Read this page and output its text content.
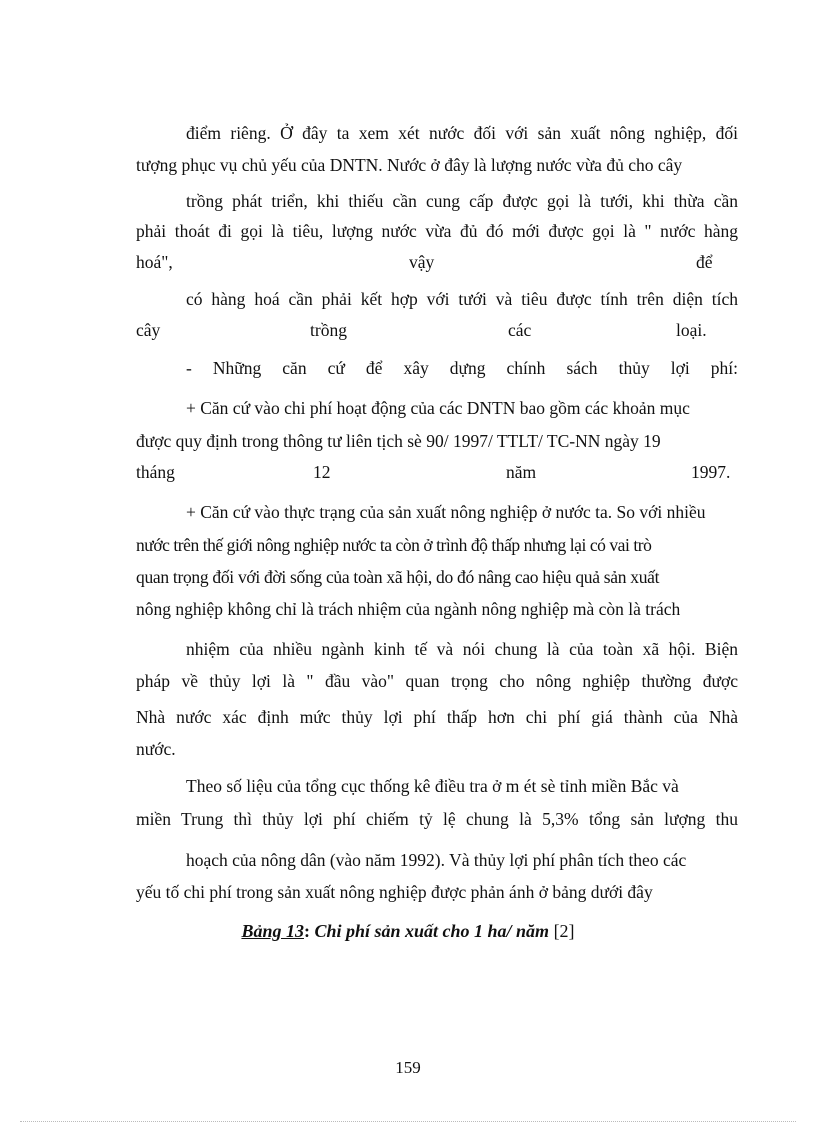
điểm riêng. Ở đây ta xem xét nước đối với sản xuất nông nghiệp, đối
tượng phục vụ chủ yếu của DNTN. Nước ở đây là lượng nước vừa đủ cho cây
trồng phát triển, khi thiếu cần cung cấp được gọi là tưới, khi thừa cần
phải thoát đi gọi là tiêu, lượng nước vừa đủ đó mới được gọi là " nước hàng
hoá",	vậy	để
có hàng hoá cần phải kết hợp với tưới và tiêu được tính trên diện tích
cây	trồng	các	loại.
- Những căn cứ để xây dựng chính sách thủy lợi phí:
+ Căn cứ vào chi phí hoạt động của các DNTN bao gồm các khoản mục
được quy định trong thông tư liên tịch sè 90/ 1997/ TTLT/ TC-NN ngày 19
tháng	12	năm	1997.
+ Căn cứ vào thực trạng của sản xuất nông nghiệp ở nước ta. So với nhiều
nước trên thế giới nông nghiệp nước ta còn ở trình độ thấp nhưng lại có vai trò
quan trọng đối với đời sống của toàn xã hội, do đó nâng cao hiệu quả sản xuất
nông nghiệp không chỉ là trách nhiệm của ngành nông nghiệp mà còn là trách
nhiệm của nhiều ngành kinh tế và nói chung là của toàn xã hội. Biện
pháp về thủy lợi là " đầu vào" quan trọng cho nông nghiệp thường được
Nhà nước xác định mức thủy lợi phí thấp hơn chi phí giá thành của Nhà
nước.
Theo số liệu của tổng cục thống kê điều tra ở m ét sè tỉnh miền Bắc và
miền Trung thì thủy lợi phí chiếm tỷ lệ chung là 5,3% tổng sản lượng thu
hoạch của nông dân (vào năm 1992). Và thủy lợi phí phân tích theo các
yếu tố chi phí trong sản xuất nông nghiệp được phản ánh ở bảng dưới đây
Bảng 13: Chi phí sản xuất cho 1 ha/ năm [2]
159
